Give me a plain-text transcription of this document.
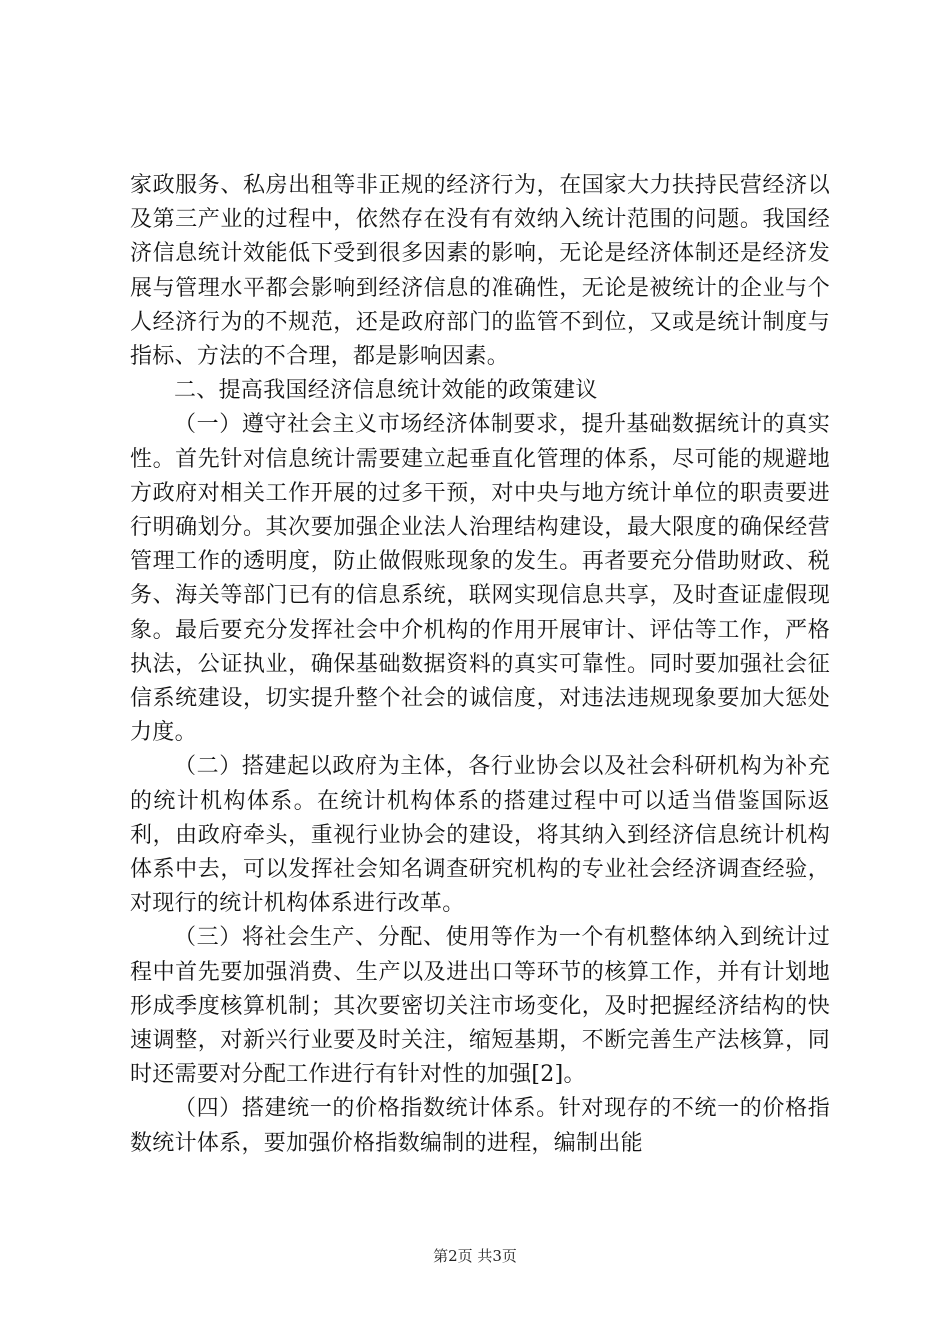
家政服务、私房出租等非正规的经济行为，在国家大力扶持民营经济以及第三产业的过程中，依然存在没有有效纳入统计范围的问题。我国经济信息统计效能低下受到很多因素的影响，无论是经济体制还是经济发展与管理水平都会影响到经济信息的准确性，无论是被统计的企业与个人经济行为的不规范，还是政府部门的监管不到位，又或是统计制度与指标、方法的不合理，都是影响因素。

二、提高我国经济信息统计效能的政策建议

（一）遵守社会主义市场经济体制要求，提升基础数据统计的真实性。首先针对信息统计需要建立起垂直化管理的体系，尽可能的规避地方政府对相关工作开展的过多干预，对中央与地方统计单位的职责要进行明确划分。其次要加强企业法人治理结构建设，最大限度的确保经营管理工作的透明度，防止做假账现象的发生。再者要充分借助财政、税务、海关等部门已有的信息系统，联网实现信息共享，及时查证虚假现象。最后要充分发挥社会中介机构的作用开展审计、评估等工作，严格执法，公证执业，确保基础数据资料的真实可靠性。同时要加强社会征信系统建设，切实提升整个社会的诚信度，对违法违规现象要加大惩处力度。

（二）搭建起以政府为主体，各行业协会以及社会科研机构为补充的统计机构体系。在统计机构体系的搭建过程中可以适当借鉴国际返利，由政府牵头，重视行业协会的建设，将其纳入到经济信息统计机构体系中去，可以发挥社会知名调查研究机构的专业社会经济调查经验，对现行的统计机构体系进行改革。

（三）将社会生产、分配、使用等作为一个有机整体纳入到统计过程中首先要加强消费、生产以及进出口等环节的核算工作，并有计划地形成季度核算机制；其次要密切关注市场变化，及时把握经济结构的快速调整，对新兴行业要及时关注，缩短基期，不断完善生产法核算，同时还需要对分配工作进行有针对性的加强[2]。

（四）搭建统一的价格指数统计体系。针对现存的不统一的价格指数统计体系，要加强价格指数编制的进程，编制出能

第2页 共3页
